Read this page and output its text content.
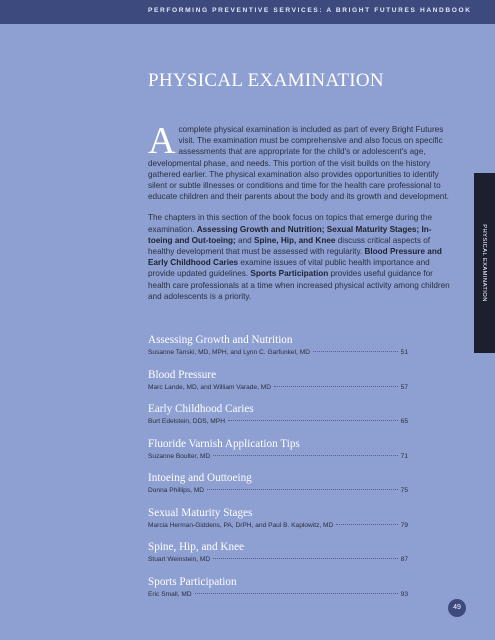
PERFORMING PREVENTIVE SERVICES: A BRIGHT FUTURES HANDBOOK
PHYSICAL EXAMINATION

Acomplete physical examination is included as part of every Bright Futures visit. The examination must be comprehensive and also focus on specific assessments that are appropriate for the child's or adolescent's age, developmental phase, and needs. This portion of the visit builds on the history gathered earlier. The physical examination also provides opportunities to identify silent or subtle illnesses or conditions and time for the health care professional to educate children and their parents about the body and its growth and development.

The chapters in this section of the book focus on topics that emerge during the examination. Assessing Growth and Nutrition; Sexual Maturity Stages; In-toeing and Out-toeing; and Spine, Hip, and Knee discuss critical aspects of healthy development that must be assessed with regularity. Blood Pressure and Early Childhood Caries examine issues of vital public health importance and provide updated guidelines. Sports Participation provides useful guidance for health care professionals at a time when increased physical activity among children and adolescents is a priority.	PHYSICAL EXAMINATION
Assessing Growth and Nutrition
Susanne Tanski, MD, MPH, and Lynn C. Garfunkel, MD	51
Blood Pressure
Marc Lande, MD, and William Varade, MD	57
Early Childhood Caries
Burt Edelstein, DDS, MPH	65
Fluoride Varnish Application Tips
Suzanne Boulter, MD	71
Intoeing and Outtoeing
Donna Phillips, MD	75
Sexual Maturity Stages
Marcia Herman-Giddens, PA, DrPH, and Paul B. Kaplowitz, MD	79
Spine, Hip, and Knee
Stuart Weinstein, MD	87
Sports Participation
Eric Small, MD	93
49
